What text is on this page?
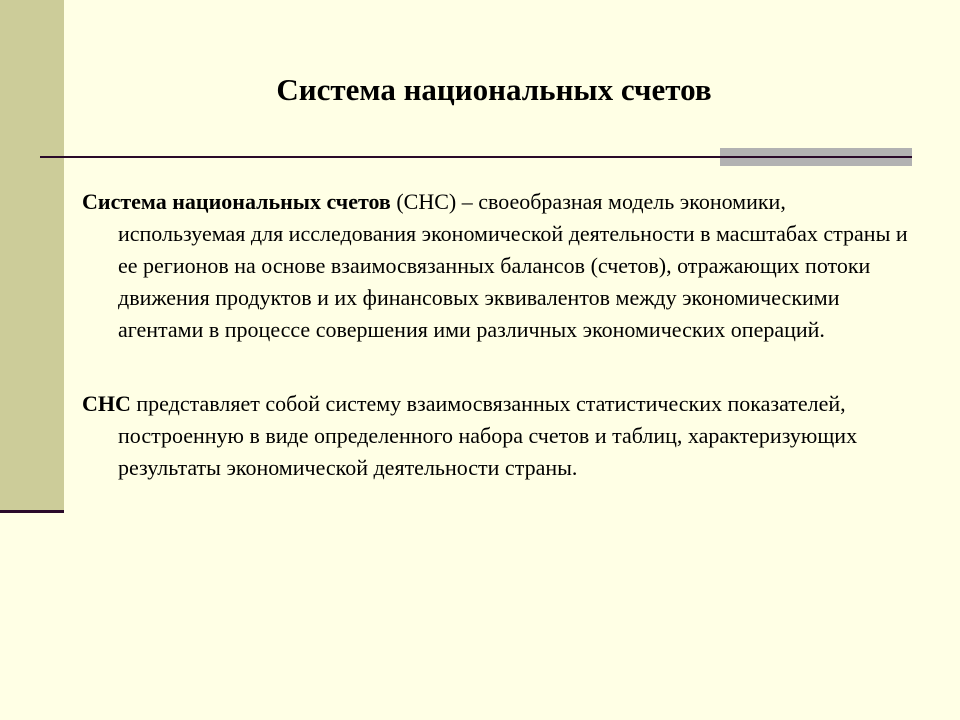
Система национальных счетов

Система национальных счетов (СНС) – своеобразная модель экономики, используемая для исследования экономической деятельности в масштабах страны и ее регионов на основе взаимосвязанных балансов (счетов), отражающих потоки движения продуктов и их финансовых эквивалентов между экономическими агентами в процессе совершения ими различных экономических операций.

СНС представляет собой систему взаимосвязанных статистических показателей, построенную в виде определенного набора счетов и таблиц, характеризующих результаты экономической деятельности страны.
